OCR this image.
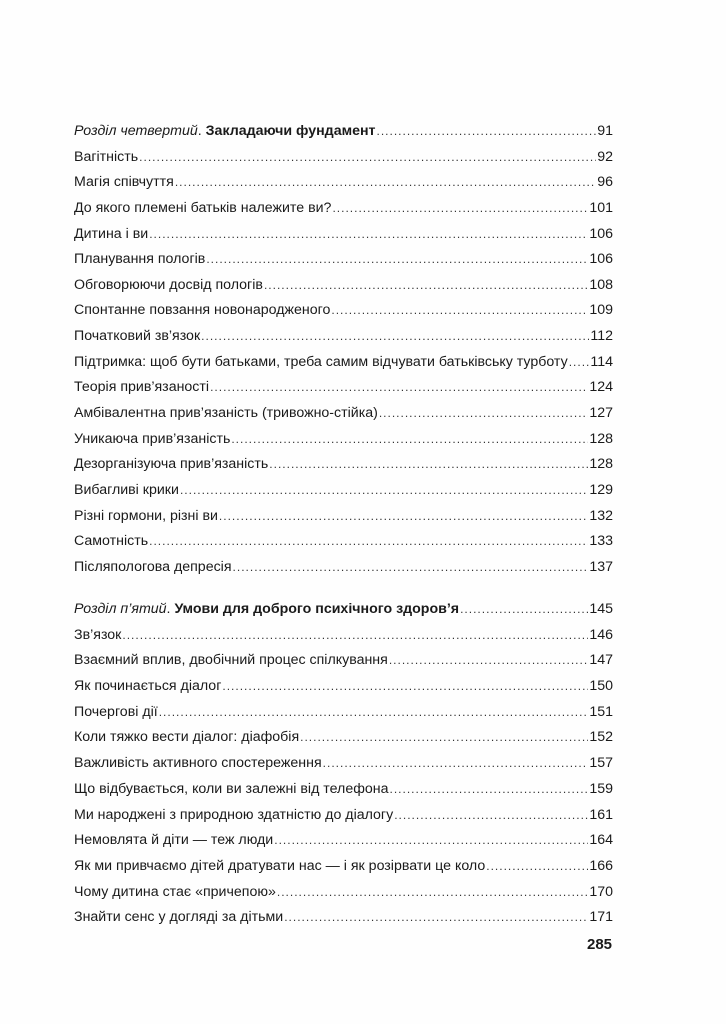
Розділ четвертий. Закладаючи фундамент .....	91
Вагітність .....	92
Магія співчуття .....	96
До якого племені батьків належите ви? .....	101
Дитина і ви .....	106
Планування пологів .....	106
Обговорюючи досвід пологів .....	108
Спонтанне повзання новонародженого .....	109
Початковий зв’язок .....	112
Підтримка: щоб бути батьками, треба самим відчувати батьківську турботу ..... 114
Теорія прив’язаності .....	124
Амбівалентна прив’язаність (тривожно-стійка) .....	127
Уникаюча прив’язаність .....	128
Дезорганізуюча прив’язаність .....	128
Вибагливі крики .....	129
Різні гормони, різні ви .....	132
Самотність .....	133
Післяпологова депресія .....	137
Розділ п’ятий. Умови для доброго психічного здоров’я .....	145
Зв’язок .....	146
Взаємний вплив, двобічний процес спілкування .....	147
Як починається діалог .....	150
Почергові дії .....	151
Коли тяжко вести діалог: діафобія .....	152
Важливість активного спостереження .....	157
Що відбувається, коли ви залежні від телефона .....	159
Ми народжені з природною здатністю до діалогу .....	161
Немовлята й діти — теж люди .....	164
Як ми привчаємо дітей дратувати нас — і як розірвати це коло .....	166
Чому дитина стає «причепою» .....	170
Знайти сенс у догляді за дітьми .....	171
285
